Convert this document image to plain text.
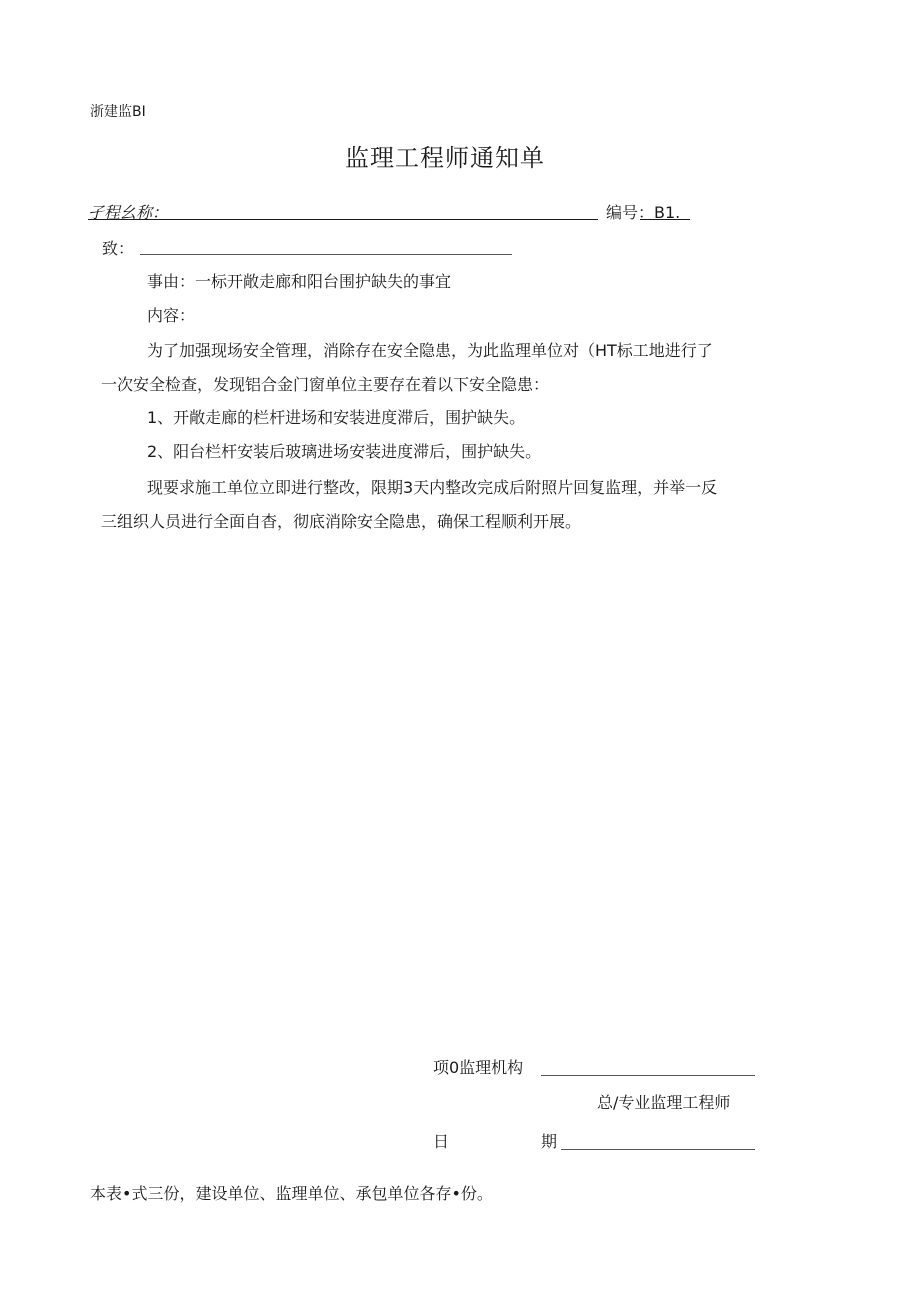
浙建监BI
监理工程师通知单
孑程幺称：	编号：B1.
致：
事由：一标开敞走廊和阳台围护缺失的事宜
内容：
为了加强现场安全管理，消除存在安全隐患，为此监理单位对（HT标工地进行了
一次安全检查，发现铝合金门窗单位主要存在着以下安全隐患：
1、开敞走廊的栏杆进场和安装进度滞后，围护缺失。
2、阳台栏杆安装后玻璃进场安装进度滞后，围护缺失。
现要求施工单位立即进行整改，限期3天内整改完成后附照片回复监理，并举一反
三组织人员进行全面自杳，彻底消除安全隐患，确保工程顺利开展。
项0监理机构
总/专业监理工程师
日	期
本表•式三份，建设单位、监理单位、承包单位各存•份。
